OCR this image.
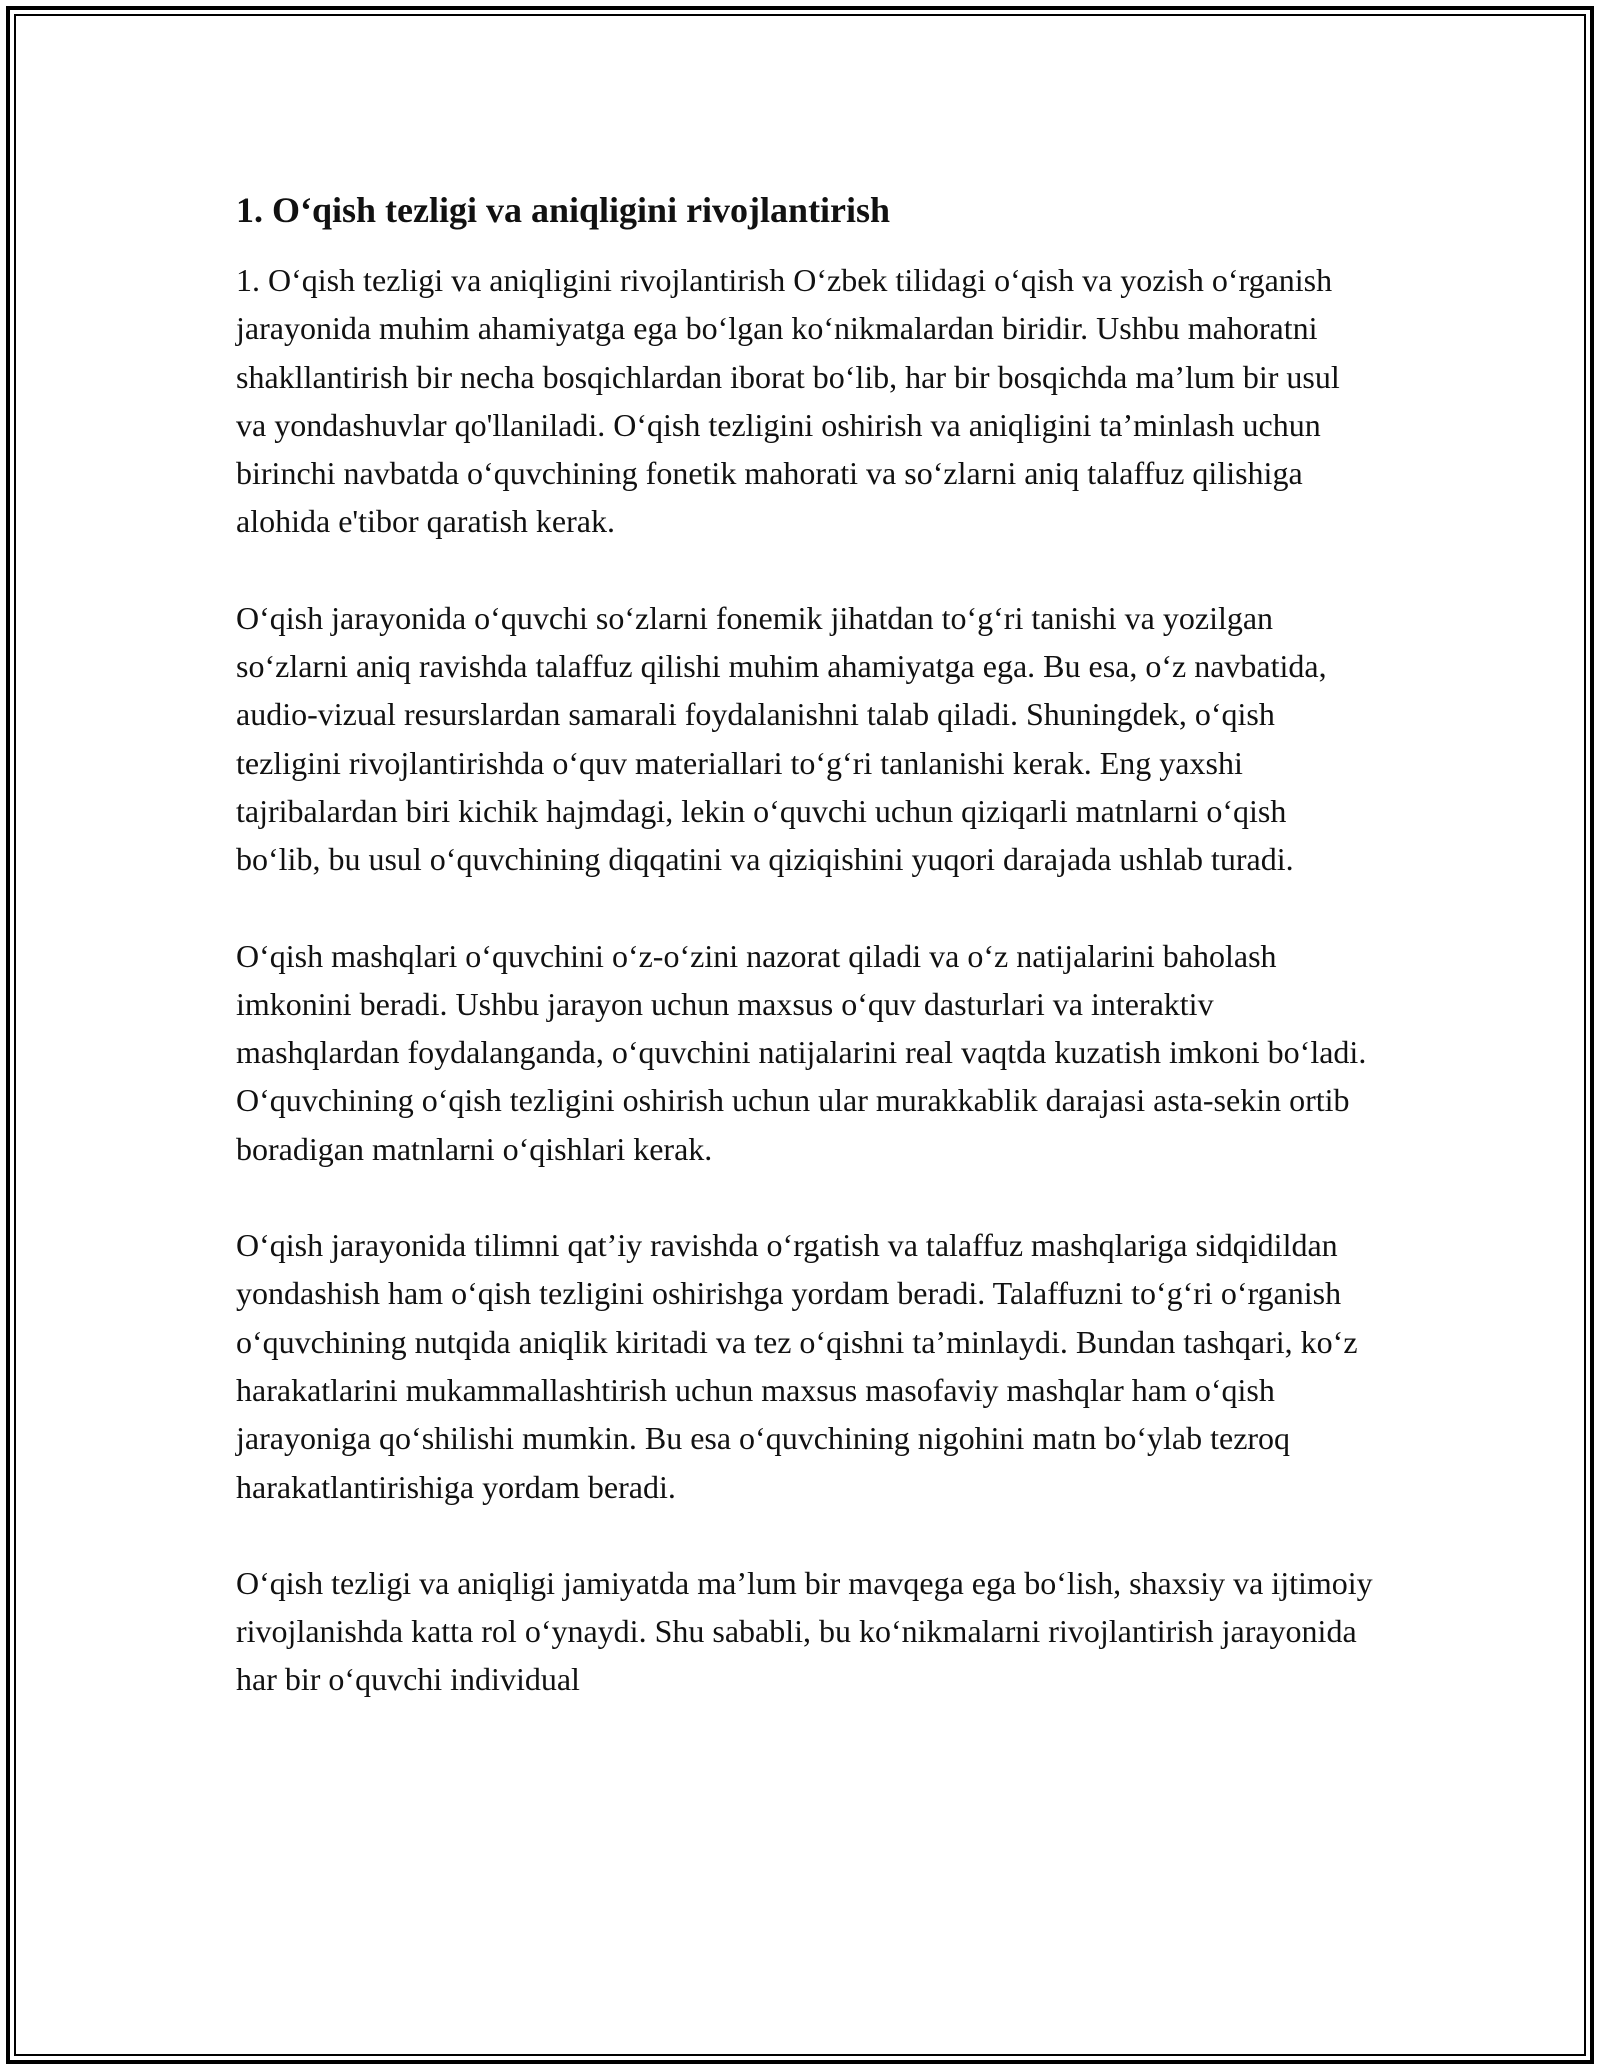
1. O‘qish tezligi va aniqligini rivojlantirish

1. O‘qish tezligi va aniqligini rivojlantirish O‘zbek tilidagi o‘qish va yozish o‘rganish jarayonida muhim ahamiyatga ega bo‘lgan ko‘nikmalardan biridir. Ushbu mahoratni shakllantirish bir necha bosqichlardan iborat bo‘lib, har bir bosqichda ma’lum bir usul va yondashuvlar qo'llaniladi. O‘qish tezligini oshirish va aniqligini ta’minlash uchun birinchi navbatda o‘quvchining fonetik mahorati va so‘zlarni aniq talaffuz qilishiga alohida e'tibor qaratish kerak.

O‘qish jarayonida o‘quvchi so‘zlarni fonemik jihatdan to‘g‘ri tanishi va yozilgan so‘zlarni aniq ravishda talaffuz qilishi muhim ahamiyatga ega. Bu esa, o‘z navbatida, audio-vizual resurslardan samarali foydalanishni talab qiladi. Shuningdek, o‘qish tezligini rivojlantirishda o‘quv materiallari to‘g‘ri tanlanishi kerak. Eng yaxshi tajribalardan biri kichik hajmdagi, lekin o‘quvchi uchun qiziqarli matnlarni o‘qish bo‘lib, bu usul o‘quvchining diqqatini va qiziqishini yuqori darajada ushlab turadi.

O‘qish mashqlari o‘quvchini o‘z-o‘zini nazorat qiladi va o‘z natijalarini baholash imkonini beradi. Ushbu jarayon uchun maxsus o‘quv dasturlari va interaktiv mashqlardan foydalanganda, o‘quvchini natijalarini real vaqtda kuzatish imkoni bo‘ladi. O‘quvchining o‘qish tezligini oshirish uchun ular murakkablik darajasi asta-sekin ortib boradigan matnlarni o‘qishlari kerak.

O‘qish jarayonida tilimni qat’iy ravishda o‘rgatish va talaffuz mashqlariga sidqidildan yondashish ham o‘qish tezligini oshirishga yordam beradi. Talaffuzni to‘g‘ri o‘rganish o‘quvchining nutqida aniqlik kiritadi va tez o‘qishni ta’minlaydi. Bundan tashqari, ko‘z harakatlarini mukammallashtirish uchun maxsus masofaviy mashqlar ham o‘qish jarayoniga qo‘shilishi mumkin. Bu esa o‘quvchining nigohini matn bo‘ylab tezroq harakatlantirishiga yordam beradi.

O‘qish tezligi va aniqligi jamiyatda ma’lum bir mavqega ega bo‘lish, shaxsiy va ijtimoiy rivojlanishda katta rol o‘ynaydi. Shu sababli, bu ko‘nikmalarni rivojlantirish jarayonida har bir o‘quvchi individual
